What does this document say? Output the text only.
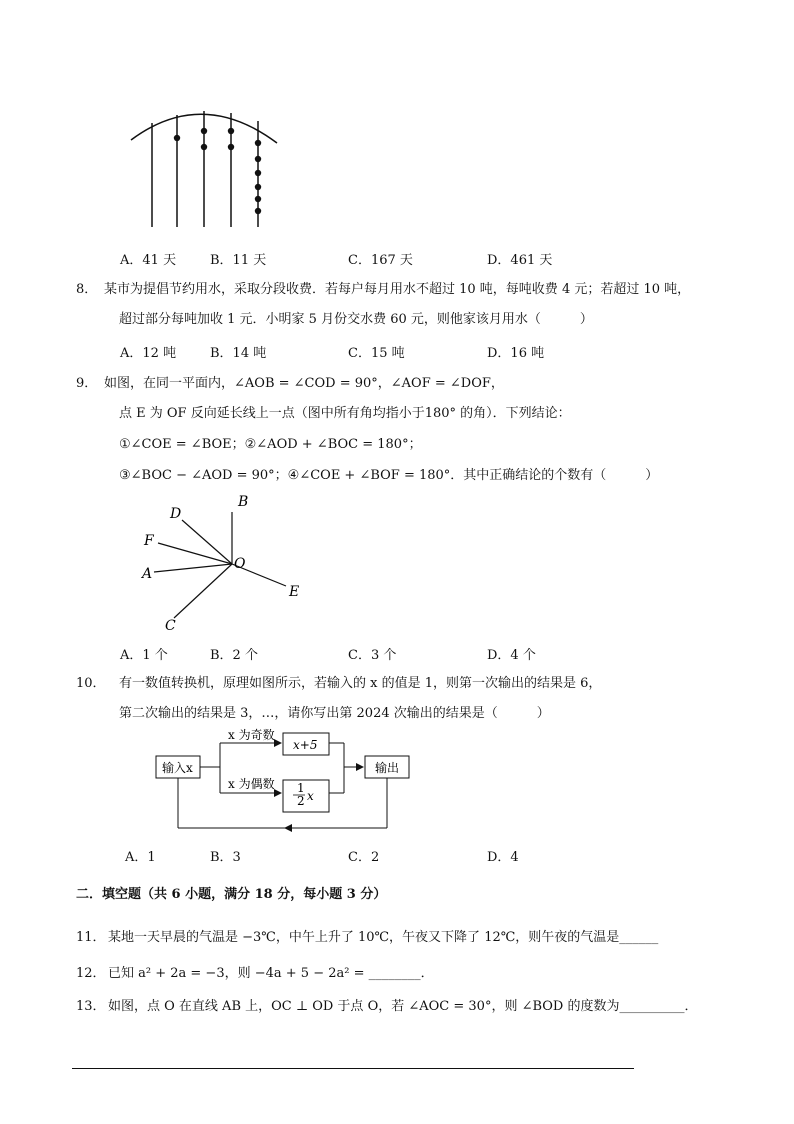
A．41 天	B．11 天	C．167 天	D．461 天
8． 某市为提倡节约用水，采取分段收费．若每户每月用水不超过 10 吨，每吨收费 4 元；若超过 10 吨，
超过部分每吨加收 1 元．小明家 5 月份交水费 60 元，则他家该月用水（　　　）
A．12 吨	B．14 吨	C．15 吨	D．16 吨
9． 如图，在同一平面内，∠AOB = ∠COD = 90°，∠AOF = ∠DOF，
点 E 为 OF 反向延长线上一点（图中所有角均指小于180° 的角）．下列结论：
①∠COE = ∠BOE；②∠AOD + ∠BOC = 180°；
③∠BOC − ∠AOD = 90°；④∠COE + ∠BOF = 180°．其中正确结论的个数有（　　　）
B
D
F
A
O
E
C
A．1 个	B．2 个	C．3 个	D．4 个
10． 有一数值转换机，原理如图所示，若输入的 x 的值是 1，则第一次输出的结果是 6，
第二次输出的结果是 3，…，请你写出第 2024 次输出的结果是（　　　）
输入x
x 为奇数
x 为偶数
x+5
1
2 x
输出
A．1	B．3	C．2	D．4
二．填空题（共 6 小题，满分 18 分，每小题 3 分）
11． 某地一天早晨的气温是 −3℃，中午上升了 10℃，午夜又下降了 12℃，则午夜的气温是______
12． 已知 a² + 2a = −3，则 −4a + 5 − 2a² = ________．
13． 如图，点 O 在直线 AB 上，OC ⊥ OD 于点 O，若 ∠AOC = 30°，则 ∠BOD 的度数为__________．
